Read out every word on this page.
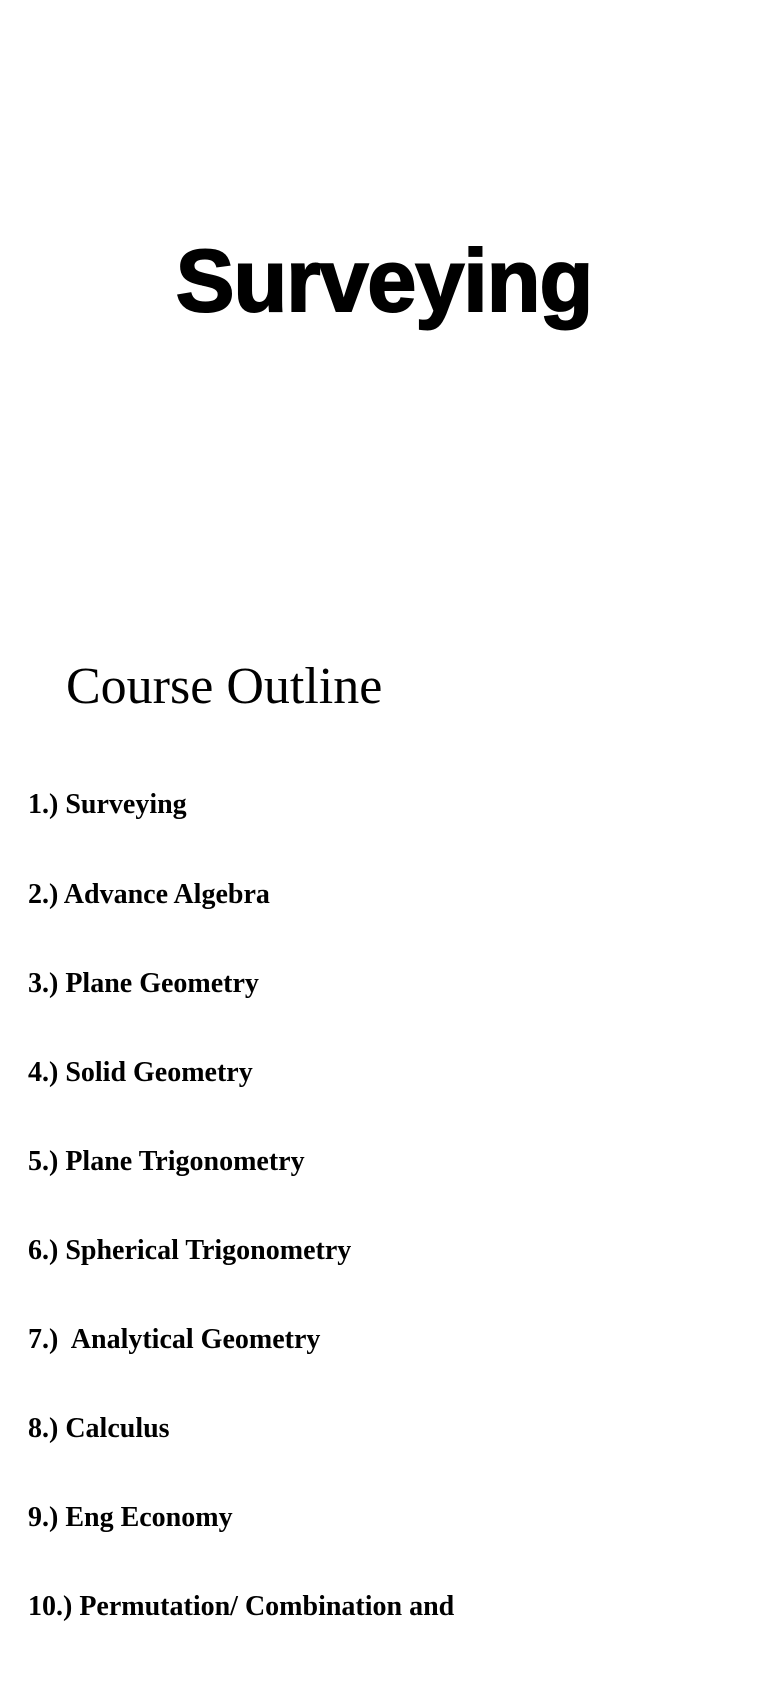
Surveying
Course Outline

1.) Surveying

2.) Advance Algebra

3.) Plane Geometry

4.) Solid Geometry

5.) Plane Trigonometry

6.) Spherical Trigonometry

7.)  Analytical Geometry

8.) Calculus

9.) Eng Economy

10.) Permutation/ Combination and
